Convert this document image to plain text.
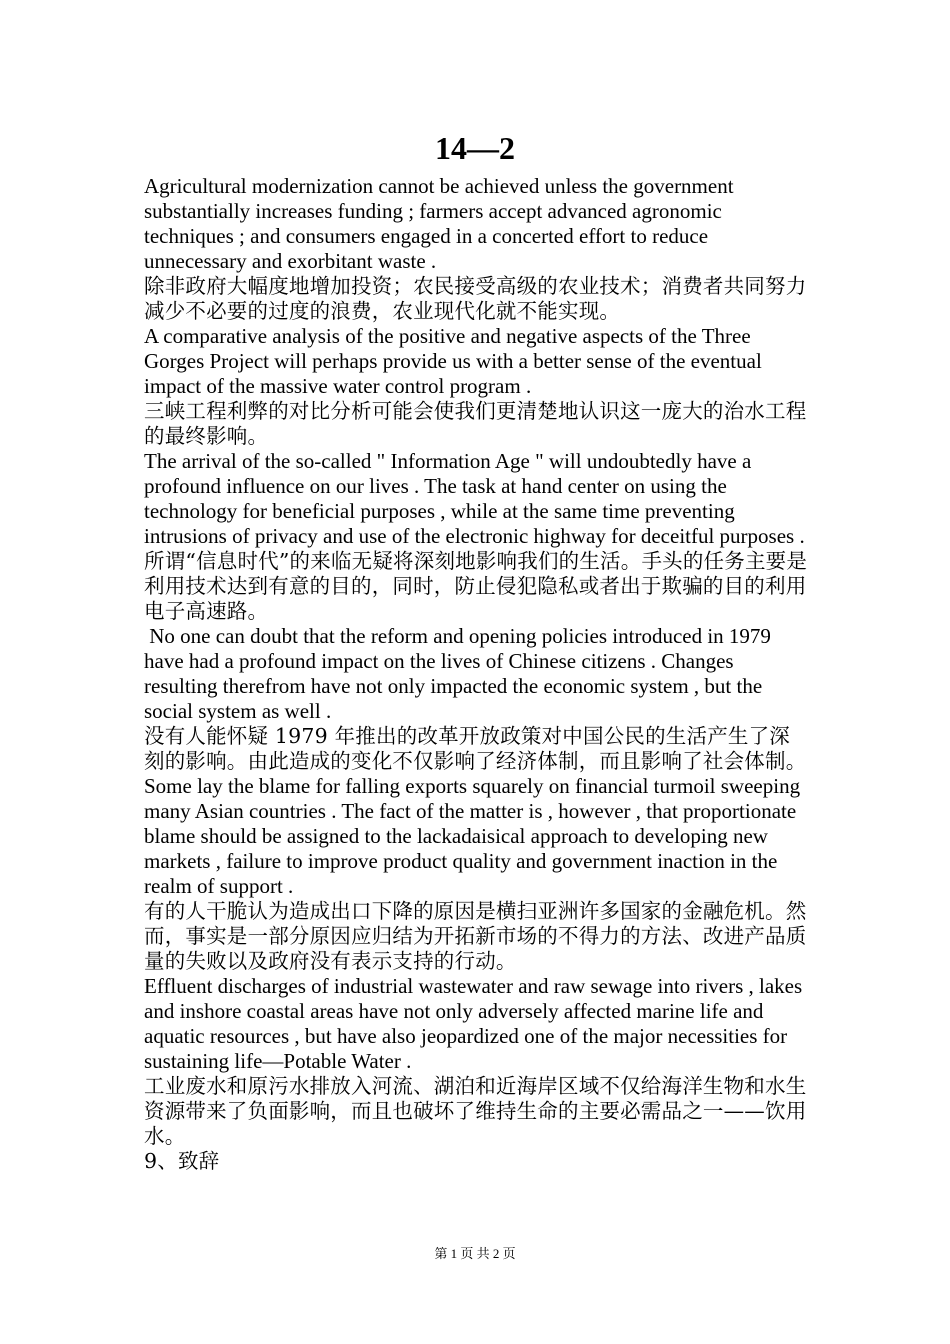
14—2

Agricultural modernization cannot be achieved unless the government substantially increases funding ; farmers accept advanced agronomic techniques ; and consumers engaged in a concerted effort to reduce unnecessary and exorbitant waste .

除非政府大幅度地增加投资；农民接受高级的农业技术；消费者共同努力减少不必要的过度的浪费，农业现代化就不能实现。

A comparative analysis of the positive and negative aspects of the Three Gorges Project will perhaps provide us with a better sense of the eventual impact of the massive water control program .

三峡工程利弊的对比分析可能会使我们更清楚地认识这一庞大的治水工程的最终影响。

The arrival of the so-called " Information Age " will undoubtedly have a profound influence on our lives . The task at hand center on using the technology for beneficial purposes , while at the same time preventing intrusions of privacy and use of the electronic highway for deceitful purposes .

所谓“信息时代”的来临无疑将深刻地影响我们的生活。手头的任务主要是利用技术达到有意的目的，同时，防止侵犯隐私或者出于欺骗的目的利用电子高速路。

No one can doubt that the reform and opening policies introduced in 1979 have had a profound impact on the lives of Chinese citizens . Changes resulting therefrom have not only impacted the economic system , but the social system as well .

没有人能怀疑 1979 年推出的改革开放政策对中国公民的生活产生了深刻的影响。由此造成的变化不仅影响了经济体制，而且影响了社会体制。

Some lay the blame for falling exports squarely on financial turmoil sweeping many Asian countries . The fact of the matter is , however , that proportionate blame should be assigned to the lackadaisical approach to developing new markets , failure to improve product quality and government inaction in the realm of support .

有的人干脆认为造成出口下降的原因是横扫亚洲许多国家的金融危机。然而，事实是一部分原因应归结为开拓新市场的不得力的方法、改进产品质量的失败以及政府没有表示支持的行动。

Effluent discharges of industrial wastewater and raw sewage into rivers , lakes and inshore coastal areas have not only adversely affected marine life and aquatic resources , but have also jeopardized one of the major necessities for sustaining life—Potable Water .

工业废水和原污水排放入河流、湖泊和近海岸区域不仅给海洋生物和水生资源带来了负面影响，而且也破坏了维持生命的主要必需品之一——饮用水。

9、致辞

第 1 页 共 2 页
